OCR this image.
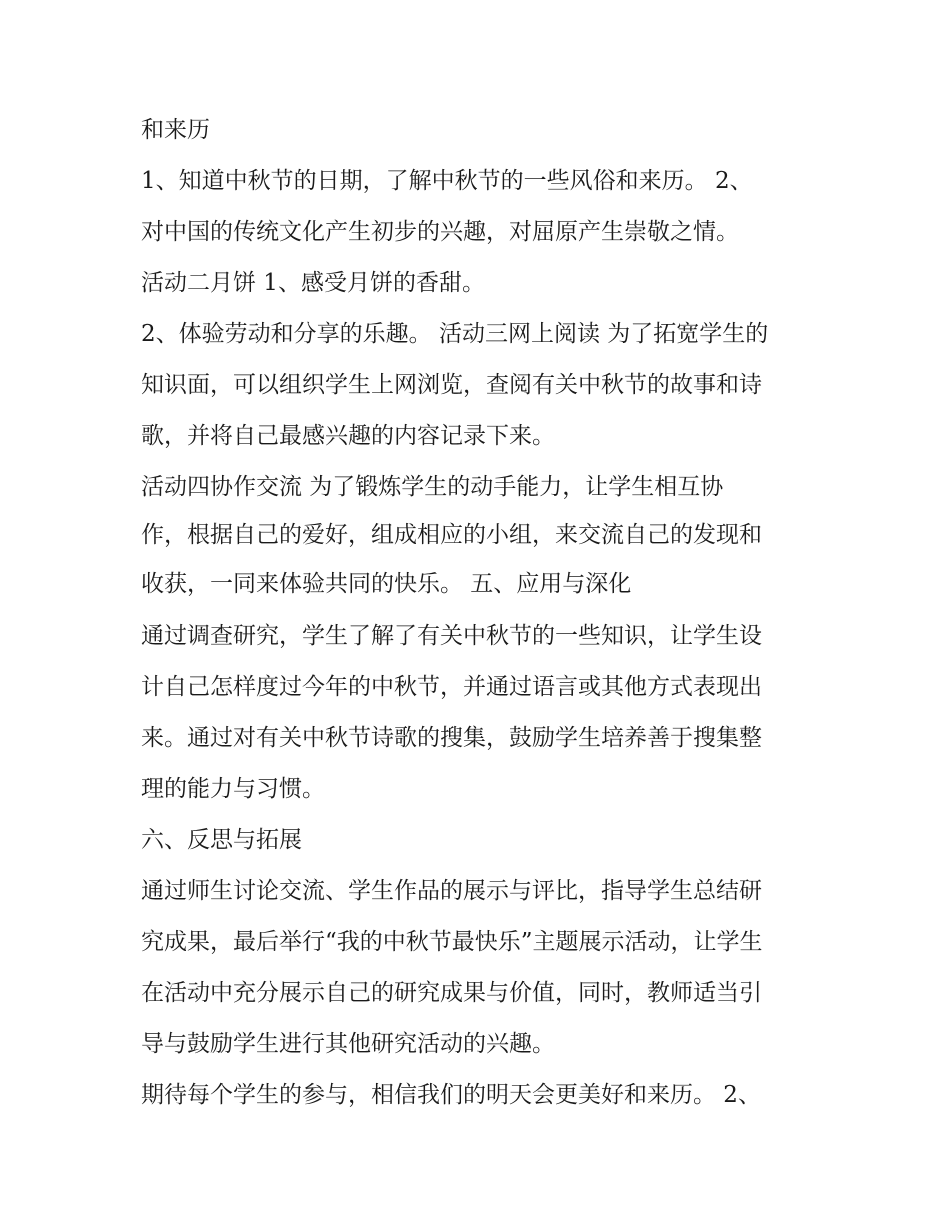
和来历
1、知道中秋节的日期，了解中秋节的一些风俗和来历。 2、
对中国的传统文化产生初步的兴趣，对屈原产生崇敬之情。
活动二月饼 1、感受月饼的香甜。
2、体验劳动和分享的乐趣。 活动三网上阅读 为了拓宽学生的
知识面，可以组织学生上网浏览，查阅有关中秋节的故事和诗
歌，并将自己最感兴趣的内容记录下来。
活动四协作交流 为了锻炼学生的动手能力，让学生相互协
作，根据自己的爱好，组成相应的小组，来交流自己的发现和
收获，一同来体验共同的快乐。 五、应用与深化
通过调查研究，学生了解了有关中秋节的一些知识，让学生设
计自己怎样度过今年的中秋节，并通过语言或其他方式表现出
来。通过对有关中秋节诗歌的搜集，鼓励学生培养善于搜集整
理的能力与习惯。
六、反思与拓展
通过师生讨论交流、学生作品的展示与评比，指导学生总结研
究成果，最后举行“我的中秋节最快乐”主题展示活动，让学生
在活动中充分展示自己的研究成果与价值，同时，教师适当引
导与鼓励学生进行其他研究活动的兴趣。
期待每个学生的参与，相信我们的明天会更美好和来历。 2、
